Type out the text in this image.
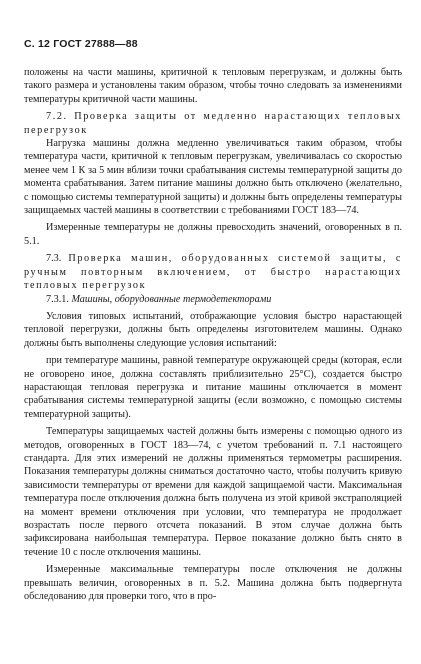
С. 12 ГОСТ 27888—88

положены на части машины, критичной к тепловым перегрузкам, и должны быть такого размера и установлены таким образом, чтобы точно следовать за изменениями температуры критичной части машины.

7.2. Проверка защиты от медленно нарастающих тепловых перегрузок

Нагрузка машины должна медленно увеличиваться таким образом, чтобы температура части, критичной к тепловым перегрузкам, увеличивалась со скоростью менее чем 1 К за 5 мин вблизи точки срабатывания системы температурной защиты до момента срабатывания. Затем питание машины должно быть отключено (желательно, с помощью системы температурной защиты) и должны быть определены температуры защищаемых частей машины в соответствии с требованиями ГОСТ 183—74.

Измеренные температуры не должны превосходить значений, оговоренных в п. 5.1.

7.3. Проверка машин, оборудованных системой защиты, с ручным повторным включением, от быстро нарастающих тепловых перегрузок

7.3.1. Машины, оборудованные термодетекторами

Условия типовых испытаний, отображающие условия быстро нарастающей тепловой перегрузки, должны быть определены изготовителем машины. Однако должны быть выполнены следующие условия испытаний:

при температуре машины, равной температуре окружающей среды (которая, если не оговорено иное, должна составлять приблизительно 25°С), создается быстро нарастающая тепловая перегрузка и питание машины отключается в момент срабатывания системы температурной защиты (если возможно, с помощью системы температурной защиты).

Температуры защищаемых частей должны быть измерены с помощью одного из методов, оговоренных в ГОСТ 183—74, с учетом требований п. 7.1 настоящего стандарта. Для этих измерений не должны применяться термометры расширения. Показания температуры должны сниматься достаточно часто, чтобы получить кривую зависимости температуры от времени для каждой защищаемой части. Максимальная температура после отключения должна быть получена из этой кривой экстраполяцией на момент времени отключения при условии, что температура не продолжает возрастать после первого отсчета показаний. В этом случае должна быть зафиксирована наибольшая температура. Первое показание должно быть снято в течение 10 с после отключения машины.

Измеренные максимальные температуры после отключения не должны превышать величин, оговоренных в п. 5.2. Машина должна быть подвергнута обследованию для проверки того, что в про-
